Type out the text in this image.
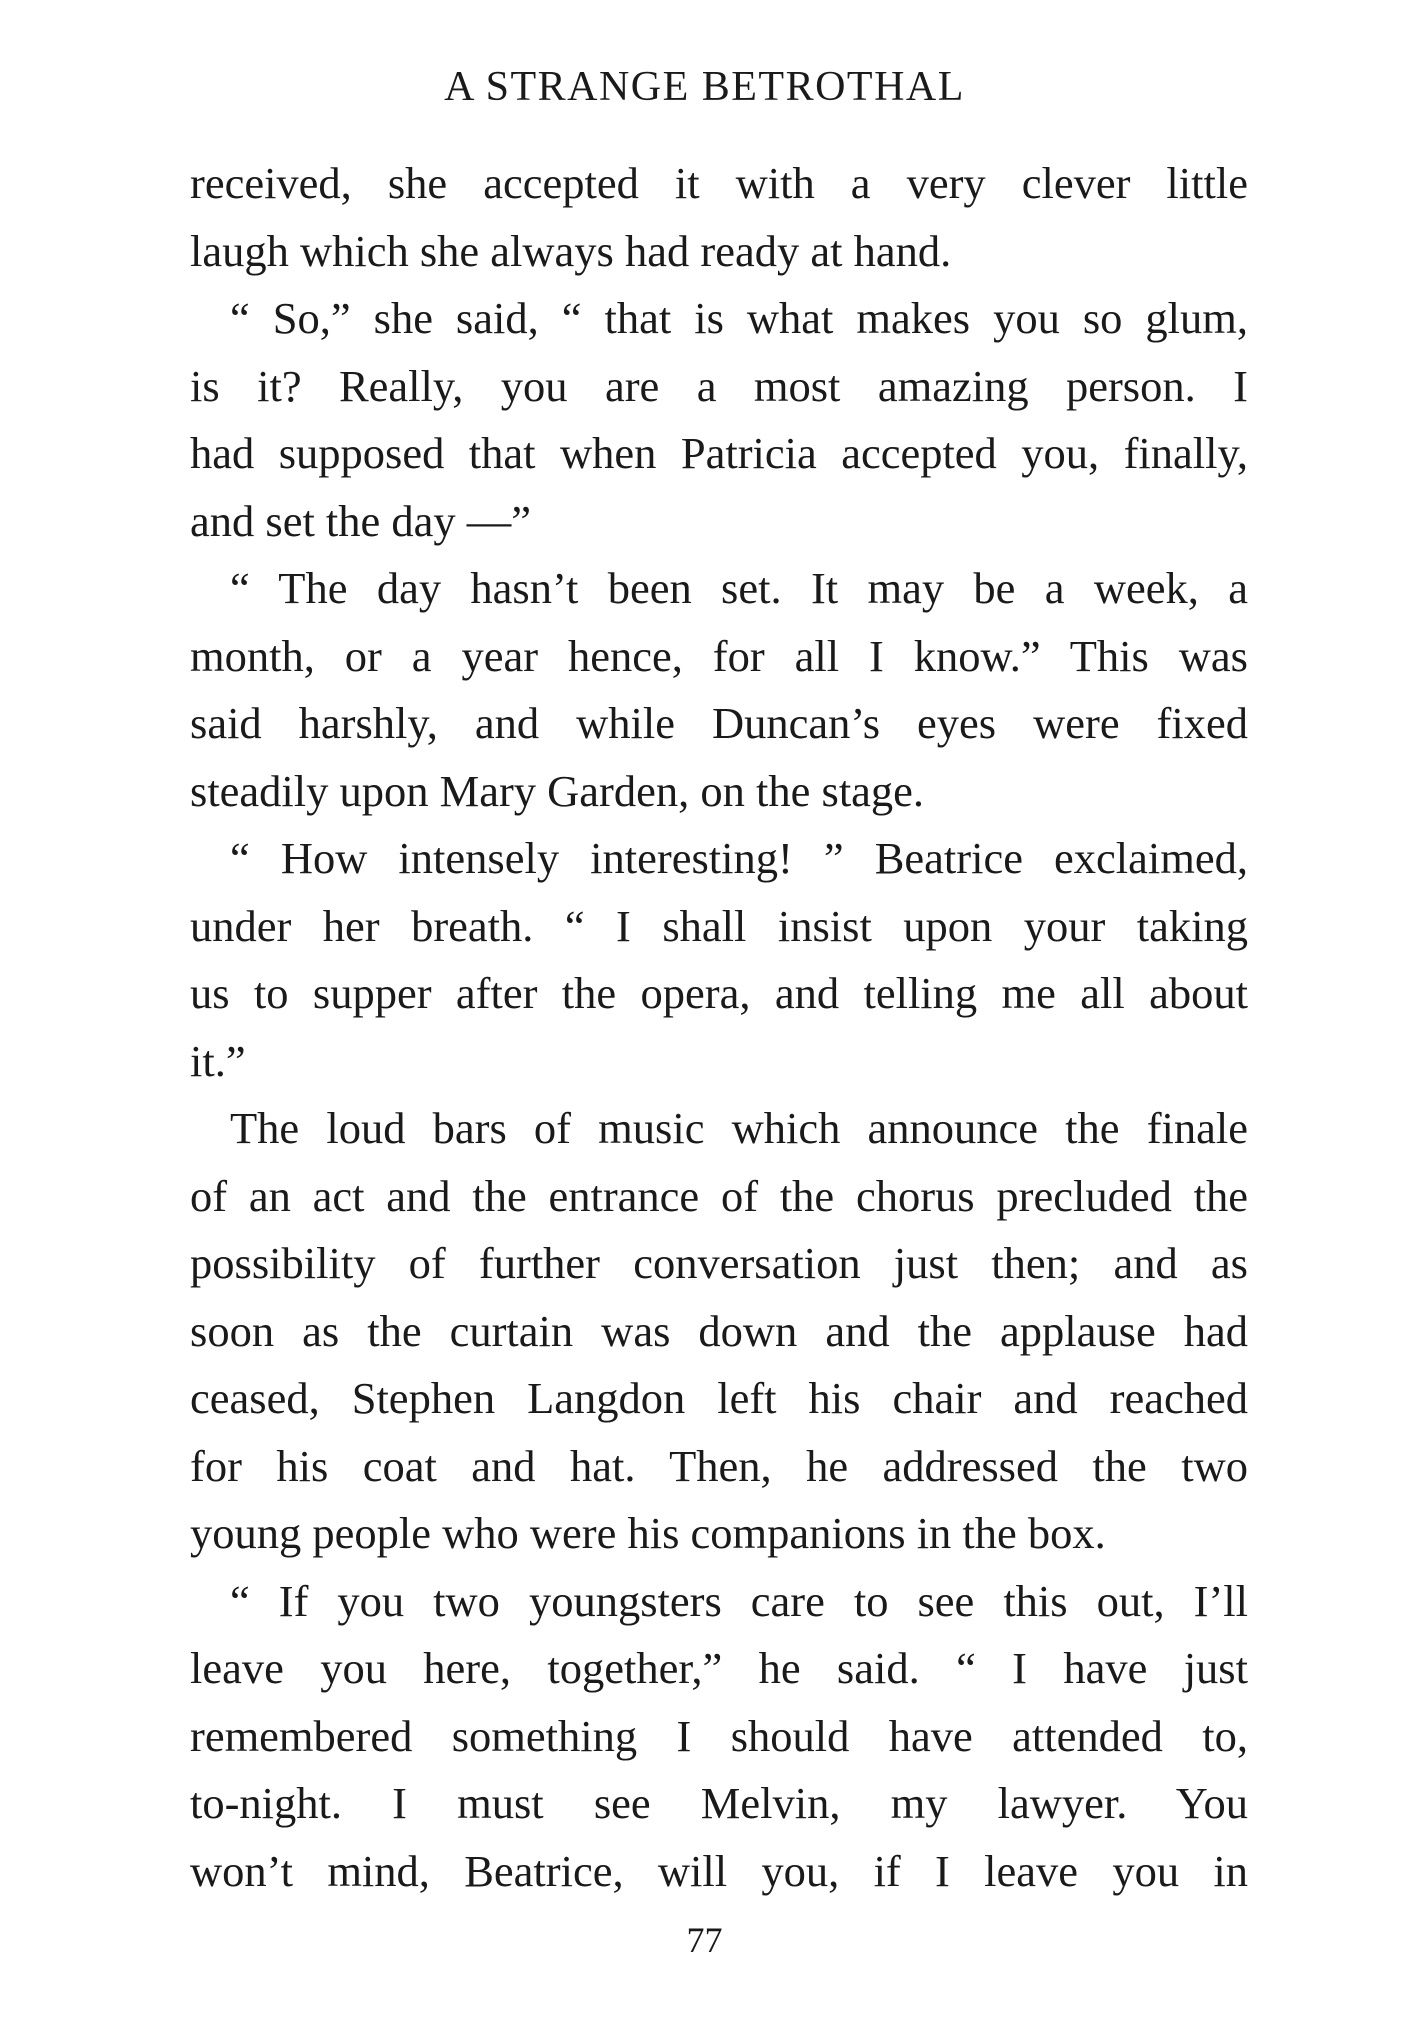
A STRANGE BETROTHAL
received, she accepted it with a very clever little
laugh which she always had ready at hand.
“ So,” she said, “ that is what makes you so glum,
is it? Really, you are a most amazing person. I
had supposed that when Patricia accepted you, finally,
and set the day —”
“ The day hasn’t been set. It may be a week, a
month, or a year hence, for all I know.” This was
said harshly, and while Duncan’s eyes were fixed
steadily upon Mary Garden, on the stage.
“ How intensely interesting! ” Beatrice exclaimed,
under her breath. “ I shall insist upon your taking
us to supper after the opera, and telling me all about
it.”
The loud bars of music which announce the finale
of an act and the entrance of the chorus precluded the
possibility of further conversation just then; and as
soon as the curtain was down and the applause had
ceased, Stephen Langdon left his chair and reached
for his coat and hat. Then, he addressed the two
young people who were his companions in the box.
“ If you two youngsters care to see this out, I’ll
leave you here, together,” he said. “ I have just
remembered something I should have attended to,
to-night. I must see Melvin, my lawyer. You
won’t mind, Beatrice, will you, if I leave you in
77
